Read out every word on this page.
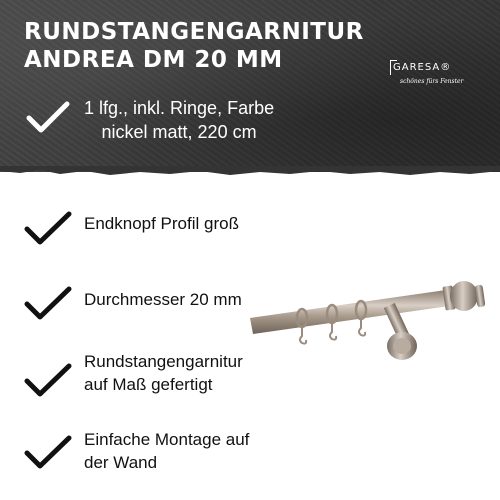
RUNDSTANGENGARNITUR
ANDREA DM 20 MM	GARESA®
schönes fürs Fenster
1 lfg., inkl. Ringe, Farbe
nickel matt, 220 cm
Endknopf Profil groß
Durchmesser 20 mm
Rundstangengarnitur
auf Maß gefertigt
Einfache Montage auf
der Wand
